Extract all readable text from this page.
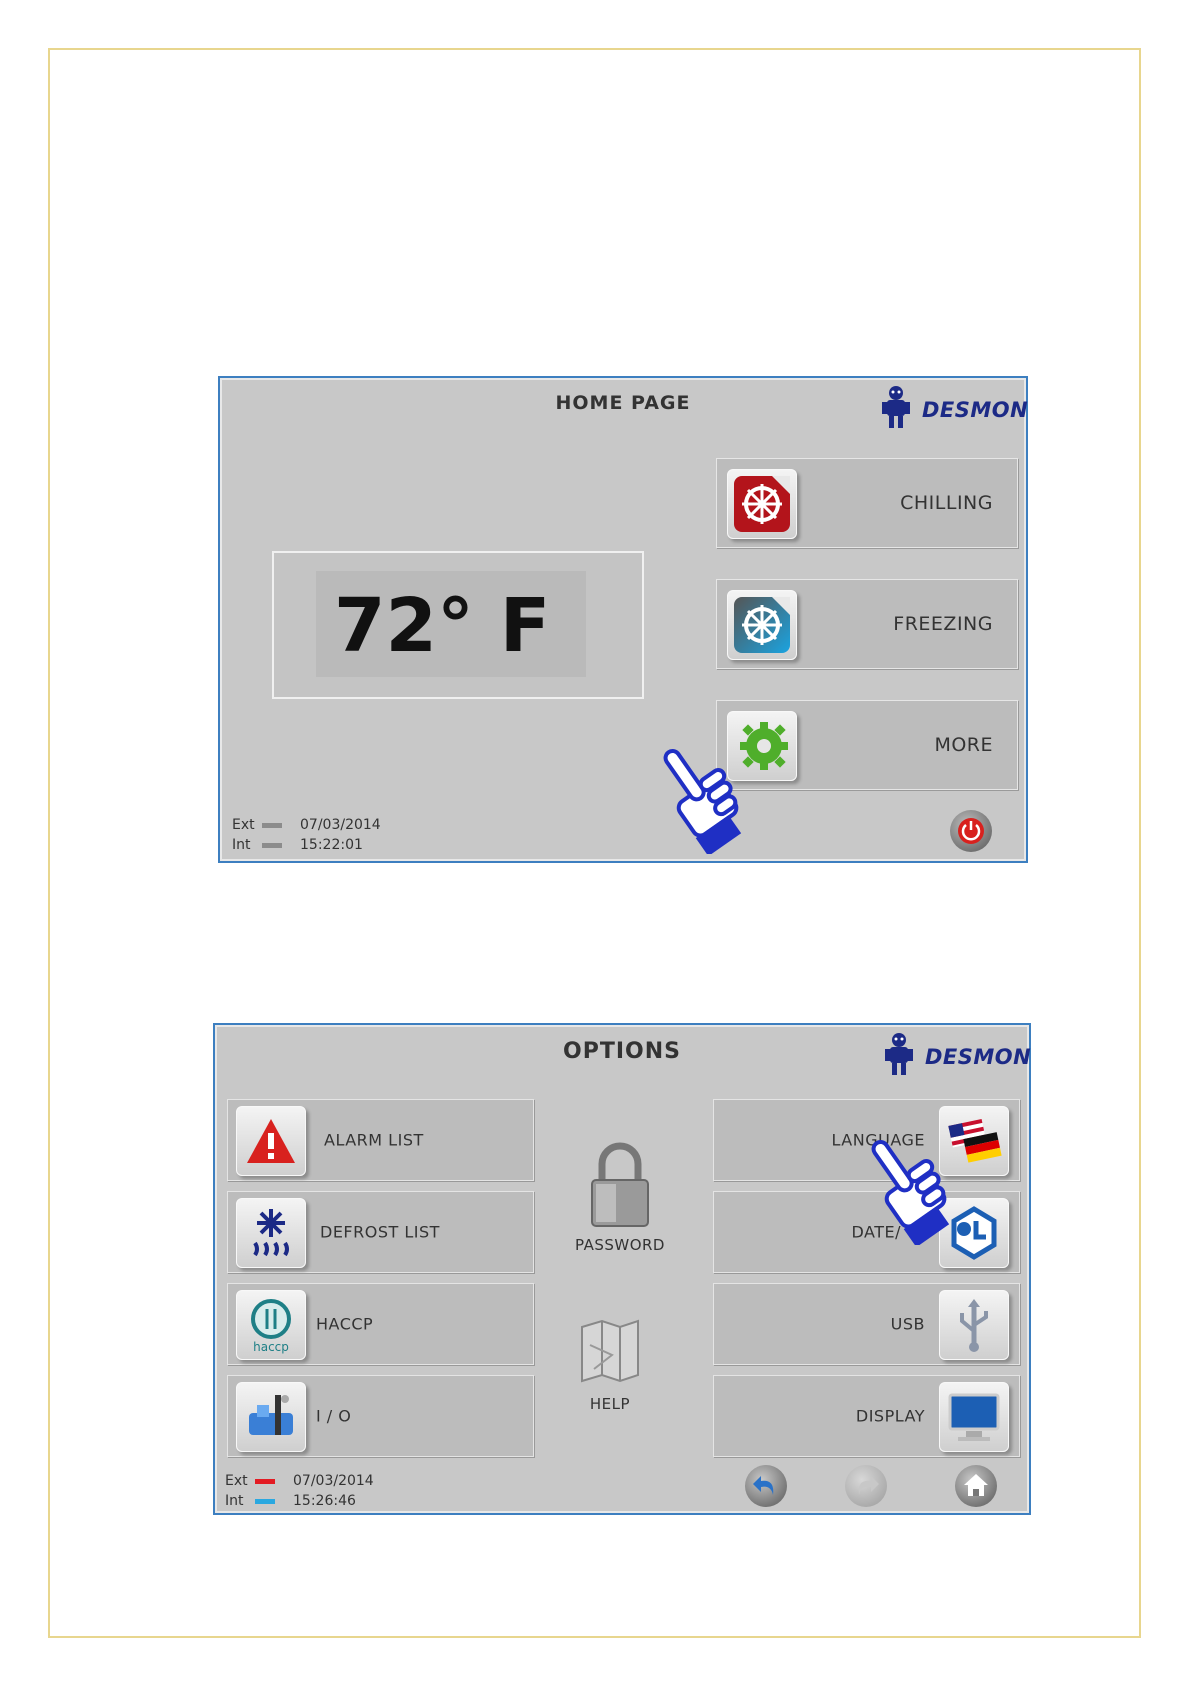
HOME PAGE	DESMON
72° F
CHILLING
FREEZING
MORE
Ext	07/03/2014
Int	15:22:01
OPTIONS	DESMON
ALARM LIST
DEFROST LIST
haccp
HACCP
I / O
PASSWORD
HELP
LANGUAGE
DATE/
USB
DISPLAY
Ext	07/03/2014
Int	15:26:46
